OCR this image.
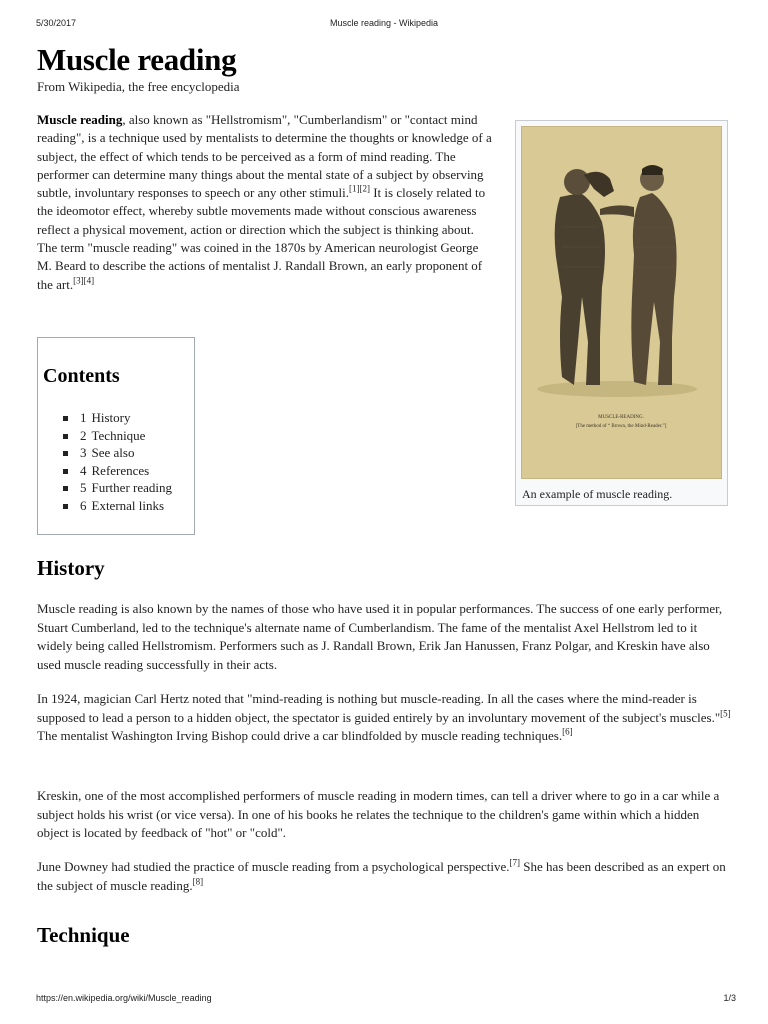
5/30/2017	Muscle reading - Wikipedia
Muscle reading
From Wikipedia, the free encyclopedia

Muscle reading, also known as "Hellstromism", "Cumberlandism" or "contact mind reading", is a technique used by mentalists to determine the thoughts or knowledge of a subject, the effect of which tends to be perceived as a form of mind reading. The performer can determine many things about the mental state of a subject by observing subtle, involuntary responses to speech or any other stimuli.[1][2] It is closely related to the ideomotor effect, whereby subtle movements made without conscious awareness reflect a physical movement, action or direction which the subject is thinking about. The term "muscle reading" was coined in the 1870s by American neurologist George M. Beard to describe the actions of mentalist J. Randall Brown, an early proponent of the art.[3][4]

MUSCLE-READING.
[The method of “ Brown, the Mind-Reader.”]
An example of muscle reading.
Contents
1 History
2 Technique
3 See also
4 References
5 Further reading
6 External links
History

Muscle reading is also known by the names of those who have used it in popular performances. The success of one early performer, Stuart Cumberland, led to the technique's alternate name of Cumberlandism. The fame of the mentalist Axel Hellstrom led to it widely being called Hellstromism. Performers such as J. Randall Brown, Erik Jan Hanussen, Franz Polgar, and Kreskin have also used muscle reading successfully in their acts.

In 1924, magician Carl Hertz noted that "mind-reading is nothing but muscle-reading. In all the cases where the mind-reader is supposed to lead a person to a hidden object, the spectator is guided entirely by an involuntary movement of the subject's muscles."[5] The mentalist Washington Irving Bishop could drive a car blindfolded by muscle reading techniques.[6]

Kreskin, one of the most accomplished performers of muscle reading in modern times, can tell a driver where to go in a car while a subject holds his wrist (or vice versa). In one of his books he relates the technique to the children's game within which a hidden object is located by feedback of "hot" or "cold".

June Downey had studied the practice of muscle reading from a psychological perspective.[7] She has been described as an expert on the subject of muscle reading.[8]

Technique
https://en.wikipedia.org/wiki/Muscle_reading	1/3
